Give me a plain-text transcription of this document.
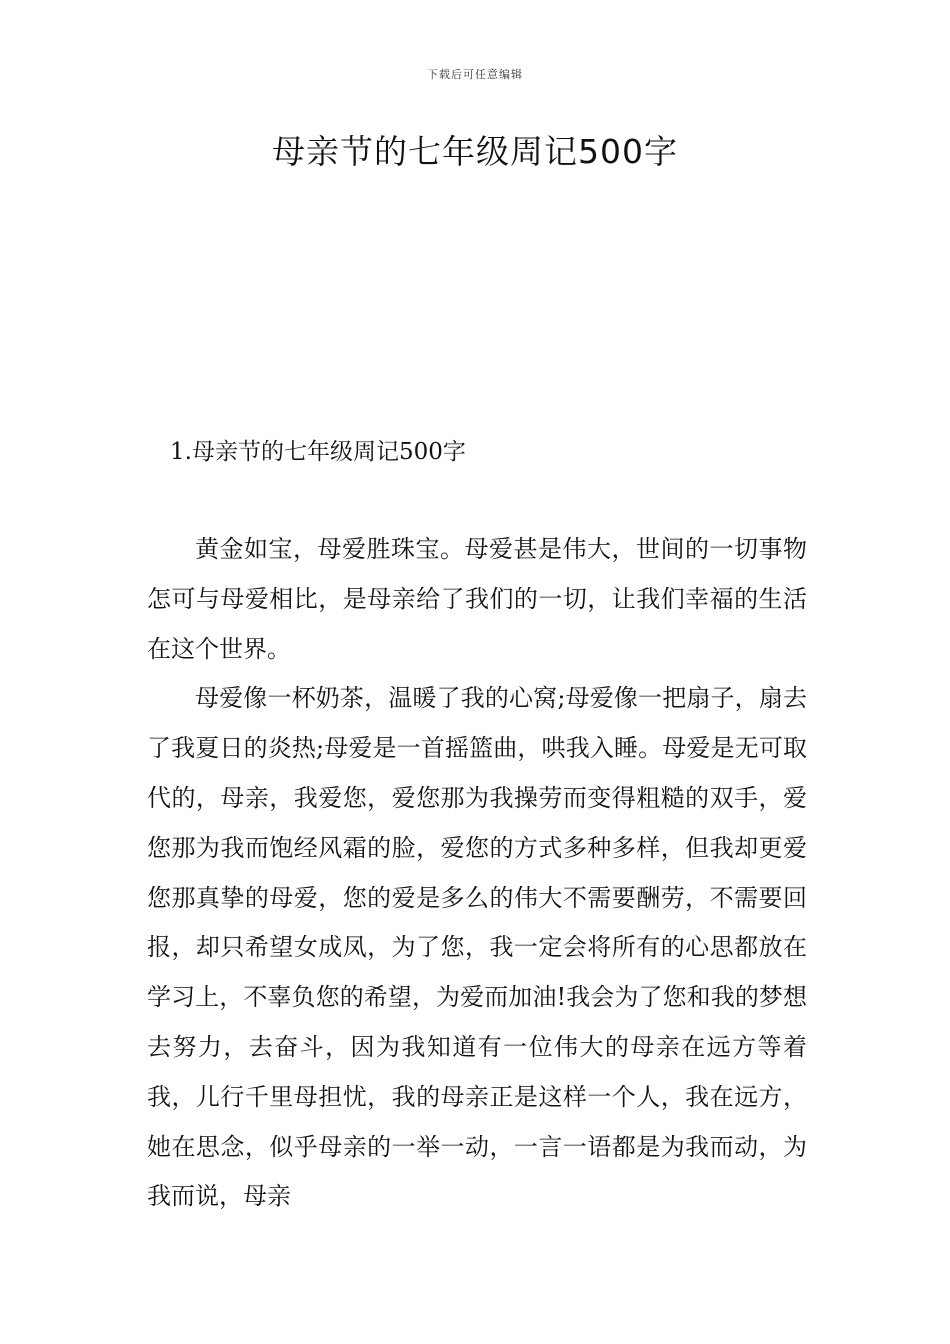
下载后可任意编辑
母亲节的七年级周记500字
1.母亲节的七年级周记500字

黄金如宝，母爱胜珠宝。母爱甚是伟大，世间的一切事物怎可与母爱相比，是母亲给了我们的一切，让我们幸福的生活在这个世界。

母爱像一杯奶茶，温暖了我的心窝;母爱像一把扇子，扇去了我夏日的炎热;母爱是一首摇篮曲，哄我入睡。母爱是无可取代的，母亲，我爱您，爱您那为我操劳而变得粗糙的双手，爱您那为我而饱经风霜的脸，爱您的方式多种多样，但我却更爱您那真挚的母爱，您的爱是多么的伟大不需要酬劳，不需要回报，却只希望女成凤，为了您，我一定会将所有的心思都放在学习上，不辜负您的希望，为爱而加油!我会为了您和我的梦想去努力，去奋斗，因为我知道有一位伟大的母亲在远方等着我，儿行千里母担忧，我的母亲正是这样一个人，我在远方，她在思念，似乎母亲的一举一动，一言一语都是为我而动，为我而说，母亲
